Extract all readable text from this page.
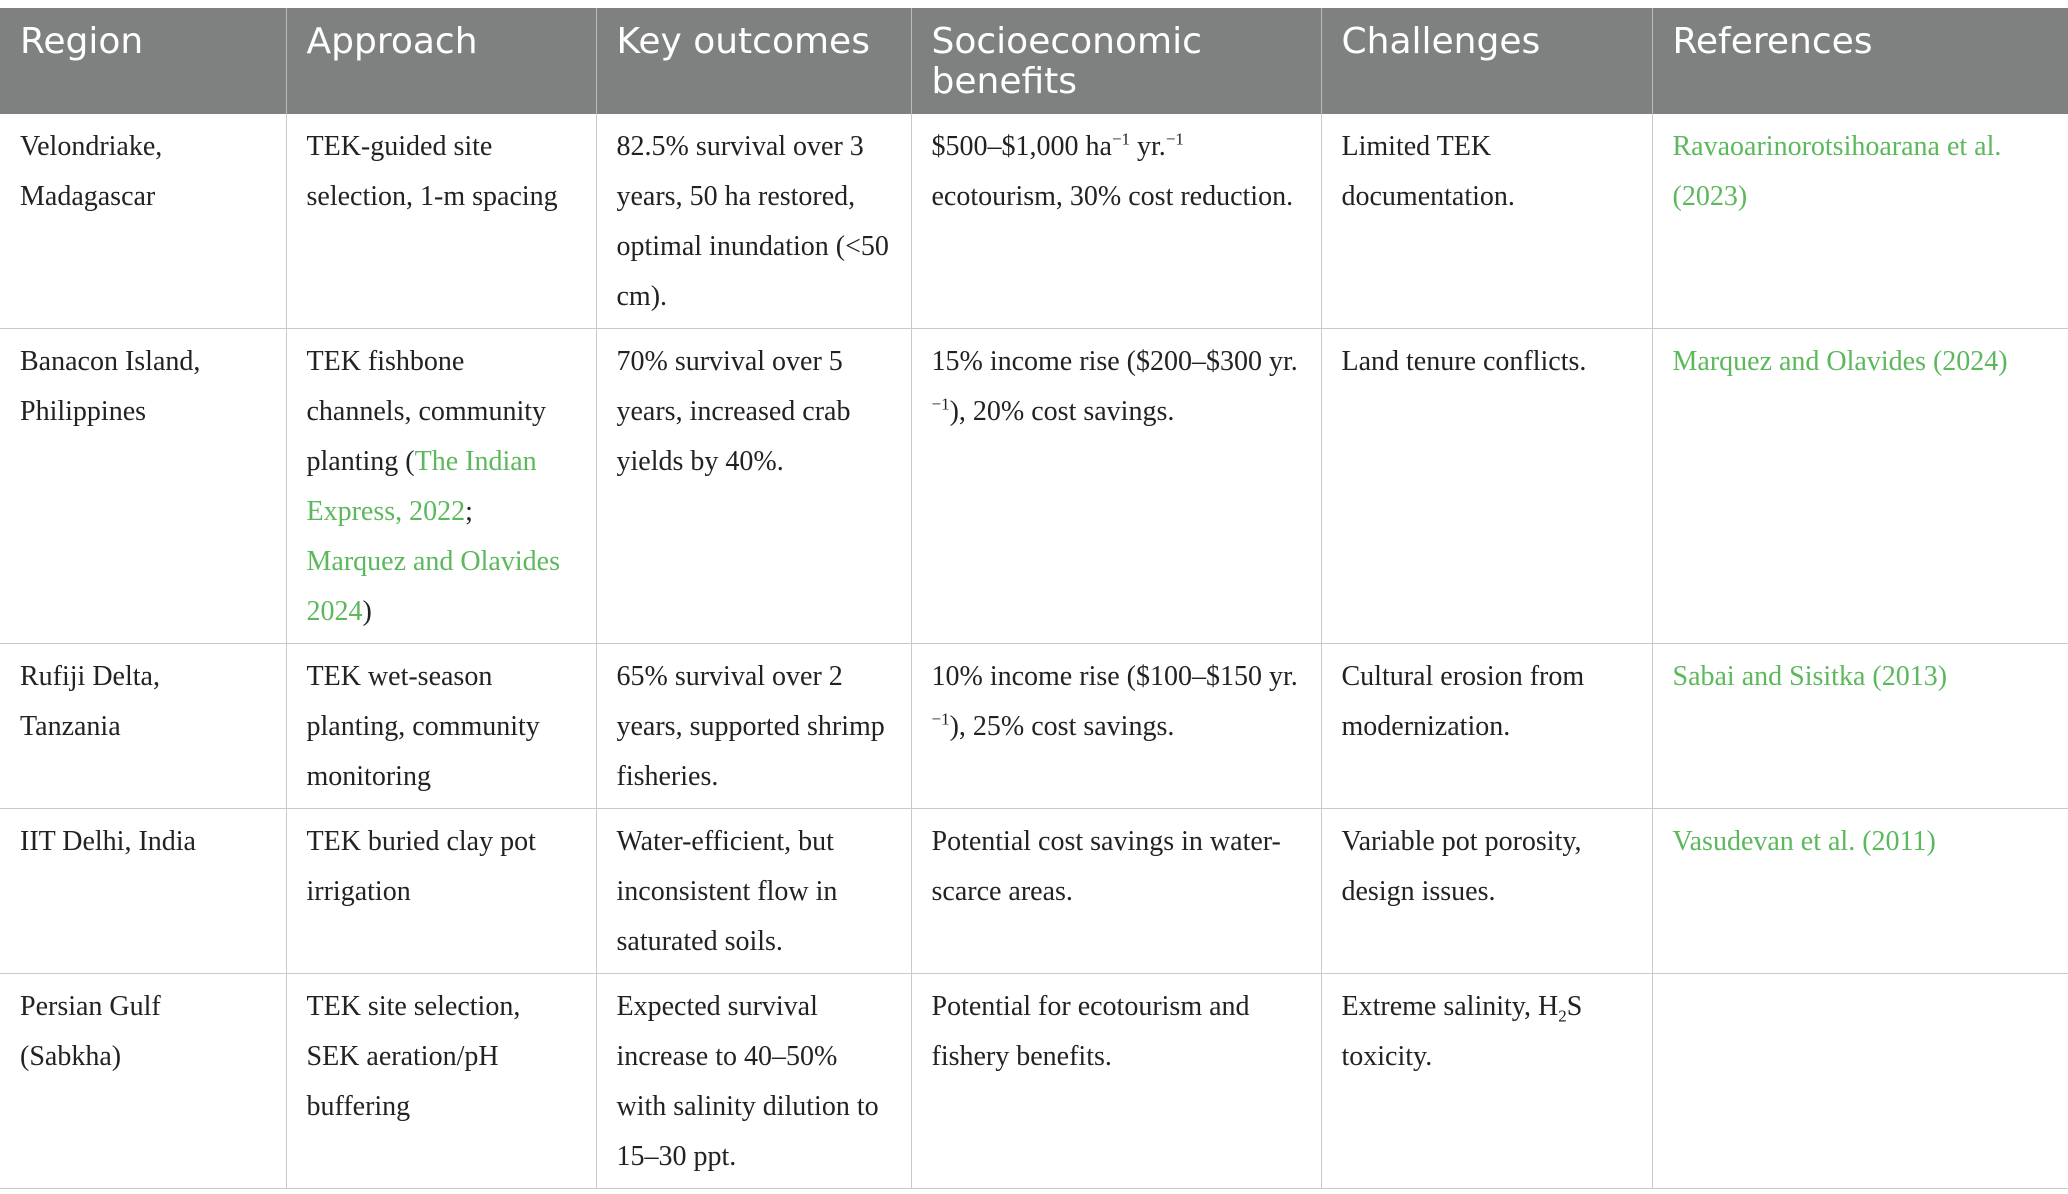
Region	Approach	Key outcomes	Socioeconomic benefits	Challenges	References
Velondriake, Madagascar	TEK-guided site selection, 1-m spacing	82.5% survival over 3 years, 50 ha restored, optimal inundation (<50 cm).	$500–$1,000 $ha^{-1}$ yr.$^{-1}$ ecotourism, 30% cost reduction.	Limited TEK documentation.	Ravaoarinorotsihoarana et al. (2023)
Banacon Island, Philippines	TEK fishbone channels, community planting (The Indian Express, 2022; Marquez and Olavides 2024)	70% survival over 5 years, increased crab yields by 40%.	15% income rise ($200–$300 yr.$^{-1}$), 20% cost savings.	Land tenure conflicts.	Marquez and Olavides (2024)
Rufiji Delta, Tanzania	TEK wet-season planting, community monitoring	65% survival over 2 years, supported shrimp fisheries.	10% income rise ($100–$150 yr.$^{-1}$), 25% cost savings.	Cultural erosion from modernization.	Sabai and Sisitka (2013)
IIT Delhi, India	TEK buried clay pot irrigation	Water-efficient, but inconsistent flow in saturated soils.	Potential cost savings in water-scarce areas.	Variable pot porosity, design issues.	Vasudevan et al. (2011)
Persian Gulf (Sabkha)	TEK site selection, SEK aeration/pH buffering	Expected survival increase to 40–50% with salinity dilution to 15–30 ppt.	Potential for ecotourism and fishery benefits.	Extreme salinity, $H_2S$ toxicity.	
